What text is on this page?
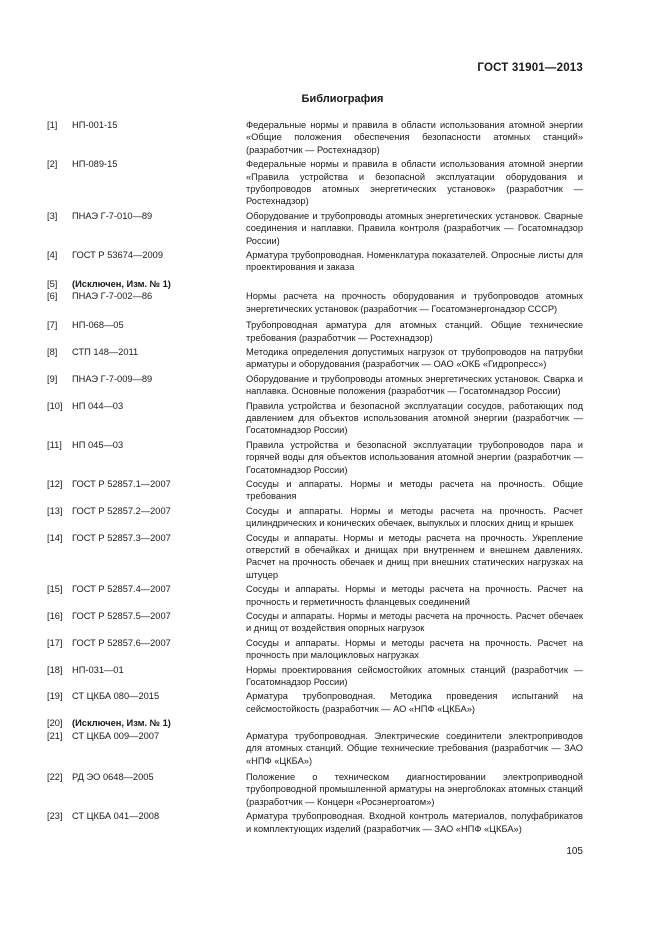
ГОСТ 31901—2013
Библиография
[1]	НП-001-15	Федеральные нормы и правила в области использования атомной энергии «Общие положения обеспечения безопасности атомных станций» (разработчик — Ростехнадзор)
[2]	НП-089-15	Федеральные нормы и правила в области использования атомной энергии «Правила устройства и безопасной эксплуатации оборудования и трубопроводов атомных энергетических установок» (разработчик — Ростехнадзор)
[3]	ПНАЭ Г-7-010—89	Оборудование и трубопроводы атомных энергетических установок. Сварные соединения и наплавки. Правила контроля (разработчик — Госатомнадзор России)
[4]	ГОСТ Р 53674—2009	Арматура трубопроводная. Номенклатура показателей. Опросные листы для проектирования и заказа
[5]	(Исключен, Изм. № 1)
[6]	ПНАЭ Г-7-002—86	Нормы расчета на прочность оборудования и трубопроводов атомных энергетических установок (разработчик — Госатомэнергонадзор СССР)
[7]	НП-068—05	Трубопроводная арматура для атомных станций. Общие технические требования (разработчик — Ростехнадзор)
[8]	СТП 148—2011	Методика определения допустимых нагрузок от трубопроводов на патрубки арматуры и оборудования (разработчик — ОАО «ОКБ «Гидропресс»)
[9]	ПНАЭ Г-7-009—89	Оборудование и трубопроводы атомных энергетических установок. Сварка и наплавка. Основные положения (разработчик — Госатомнадзор России)
[10]	НП 044—03	Правила устройства и безопасной эксплуатации сосудов, работающих под давлением для объектов использования атомной энергии (разработчик — Госатомнадзор России)
[11]	НП 045—03	Правила устройства и безопасной эксплуатации трубопроводов пара и горячей воды для объектов использования атомной энергии (разработчик — Госатомнадзор России)
[12]	ГОСТ Р 52857.1—2007	Сосуды и аппараты. Нормы и методы расчета на прочность. Общие требования
[13]	ГОСТ Р 52857.2—2007	Сосуды и аппараты. Нормы и методы расчета на прочность. Расчет цилиндрических и конических обечаек, выпуклых и плоских днищ и крышек
[14]	ГОСТ Р 52857.3—2007	Сосуды и аппараты. Нормы и методы расчета на прочность. Укрепление отверстий в обечайках и днищах при внутреннем и внешнем давлениях. Расчет на прочность обечаек и днищ при внешних статических нагрузках на штуцер
[15]	ГОСТ Р 52857.4—2007	Сосуды и аппараты. Нормы и методы расчета на прочность. Расчет на прочность и герметичность фланцевых соединений
[16]	ГОСТ Р 52857.5—2007	Сосуды и аппараты. Нормы и методы расчета на прочность. Расчет обечаек и днищ от воздействия опорных нагрузок
[17]	ГОСТ Р 52857.6—2007	Сосуды и аппараты. Нормы и методы расчета на прочность. Расчет на прочность при малоцикловых нагрузках
[18]	НП-031—01	Нормы проектирования сейсмостойких атомных станций (разработчик — Госатомнадзор России)
[19]	СТ ЦКБА 080—2015	Арматура трубопроводная. Методика проведения испытаний на сейсмостойкость (разработчик — АО «НПФ «ЦКБА»)
[20]	(Исключен, Изм. № 1)
[21]	СТ ЦКБА 009—2007	Арматура трубопроводная. Электрические соединители электроприводов для атомных станций. Общие технические требования (разработчик — ЗАО «НПФ «ЦКБА»)
[22]	РД ЭО 0648—2005	Положение о техническом диагностировании электроприводной трубопроводной промышленной арматуры на энергоблоках атомных станций (разработчик — Концерн «Росэнергоатом»)
[23]	СТ ЦКБА 041—2008	Арматура трубопроводная. Входной контроль материалов, полуфабрикатов и комплектующих изделий (разработчик — ЗАО «НПФ «ЦКБА»)
105
